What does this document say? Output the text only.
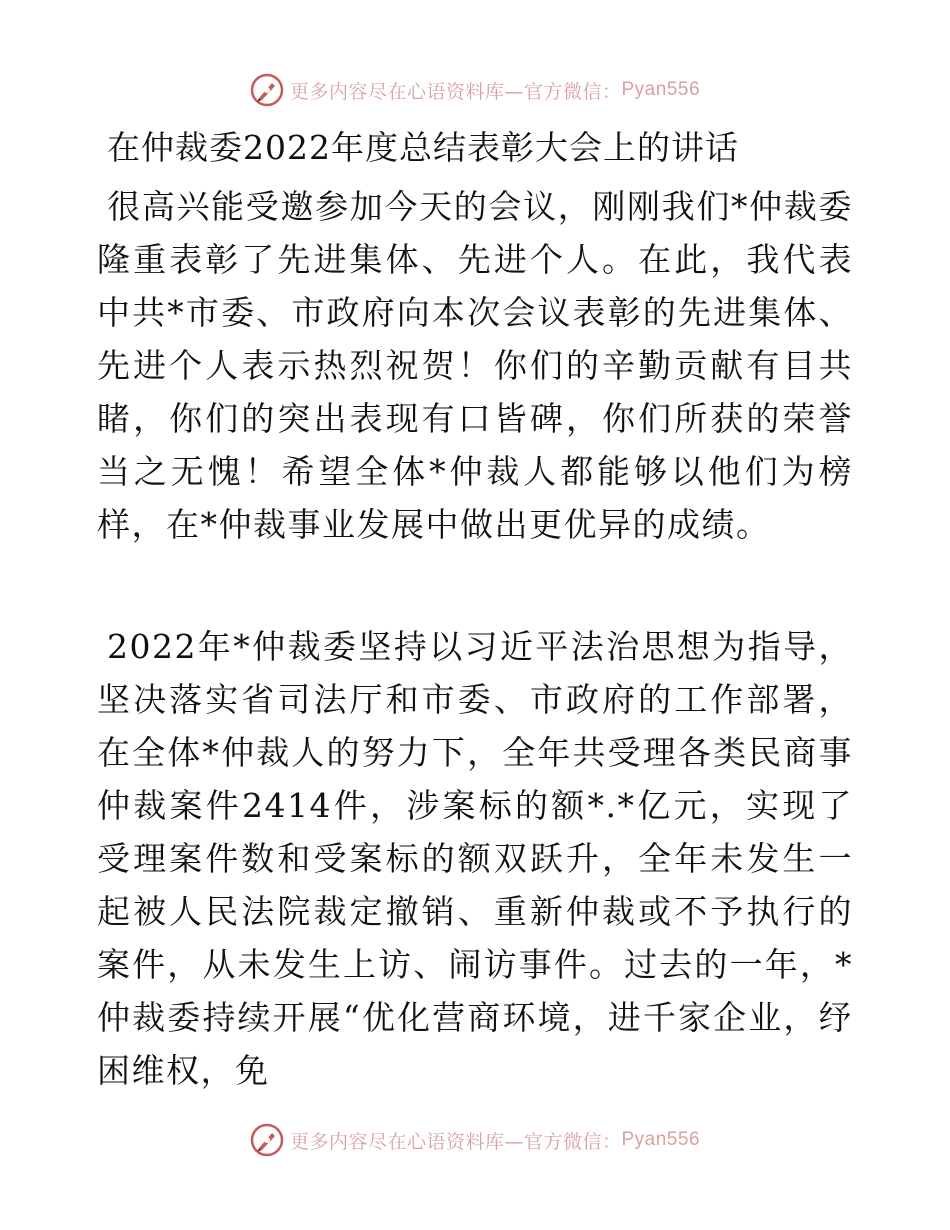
更多内容尽在心语资料库—官方微信： Pyan556
在仲裁委2022年度总结表彰大会上的讲话

很高兴能受邀参加今天的会议，刚刚我们*仲裁委隆重表彰了先进集体、先进个人。在此，我代表中共*市委、市政府向本次会议表彰的先进集体、先进个人表示热烈祝贺！你们的辛勤贡献有目共睹，你们的突出表现有口皆碑，你们所获的荣誉当之无愧！希望全体*仲裁人都能够以他们为榜样，在*仲裁事业发展中做出更优异的成绩。

2022年*仲裁委坚持以习近平法治思想为指导，坚决落实省司法厅和市委、市政府的工作部署，在全体*仲裁人的努力下，全年共受理各类民商事仲裁案件2414件，涉案标的额*.*亿元，实现了受理案件数和受案标的额双跃升，全年未发生一起被人民法院裁定撤销、重新仲裁或不予执行的案件，从未发生上访、闹访事件。过去的一年，*仲裁委持续开展“优化营商环境，进千家企业，纾困维权，免

更多内容尽在心语资料库—官方微信： Pyan556
